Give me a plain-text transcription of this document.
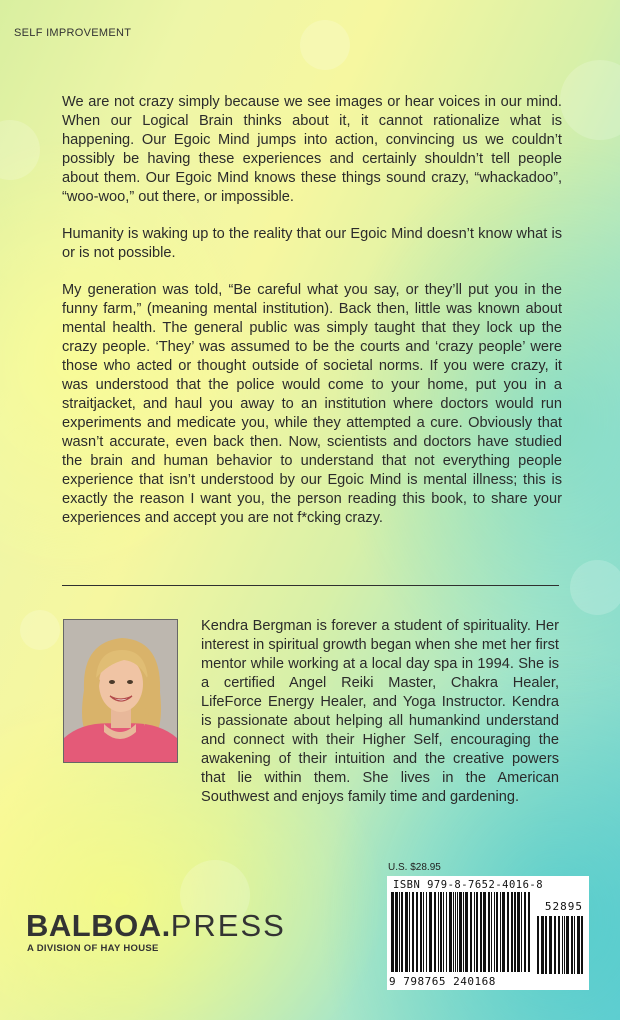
SELF IMPROVEMENT

We are not crazy simply because we see images or hear voices in our mind. When our Logical Brain thinks about it, it cannot rationalize what is happening. Our Egoic Mind jumps into action, convincing us we couldn’t possibly be having these experiences and certainly shouldn’t tell people about them. Our Egoic Mind knows these things sound crazy, “whackadoo”, “woo-woo,” out there, or impossible.

Humanity is waking up to the reality that our Egoic Mind doesn’t know what is or is not possible.

My generation was told, “Be careful what you say, or they’ll put you in the funny farm,” (meaning mental institution). Back then, little was known about mental health. The general public was simply taught that they lock up the crazy people. ‘They’ was assumed to be the courts and ‘crazy people’ were those who acted or thought outside of societal norms. If you were crazy, it was understood that the police would come to your home, put you in a straitjacket, and haul you away to an institution where doctors would run experiments and medicate you, while they attempted a cure. Obviously that wasn’t accurate, even back then. Now, scientists and doctors have studied the brain and human behavior to understand that not everything people experience that isn’t understood by our Egoic Mind is mental illness; this is exactly the reason I want you, the person reading this book, to share your experiences and accept you are not f*cking crazy.

Kendra Bergman is forever a student of spirituality. Her interest in spiritual growth began when she met her first mentor while working at a local day spa in 1994. She is a certified Angel Reiki Master, Chakra Healer, LifeForce Energy Healer, and Yoga Instructor. Kendra is passionate about helping all humankind understand and connect with their Higher Self, encouraging the awakening of their intuition and the creative powers that lie within them. She lives in the American Southwest and enjoys family time and gardening.
U.S. $28.95
ISBN 979-8-7652-4016-8
52895
9 798765 240168
BALBOA.PRESS
A DIVISION OF HAY HOUSE
